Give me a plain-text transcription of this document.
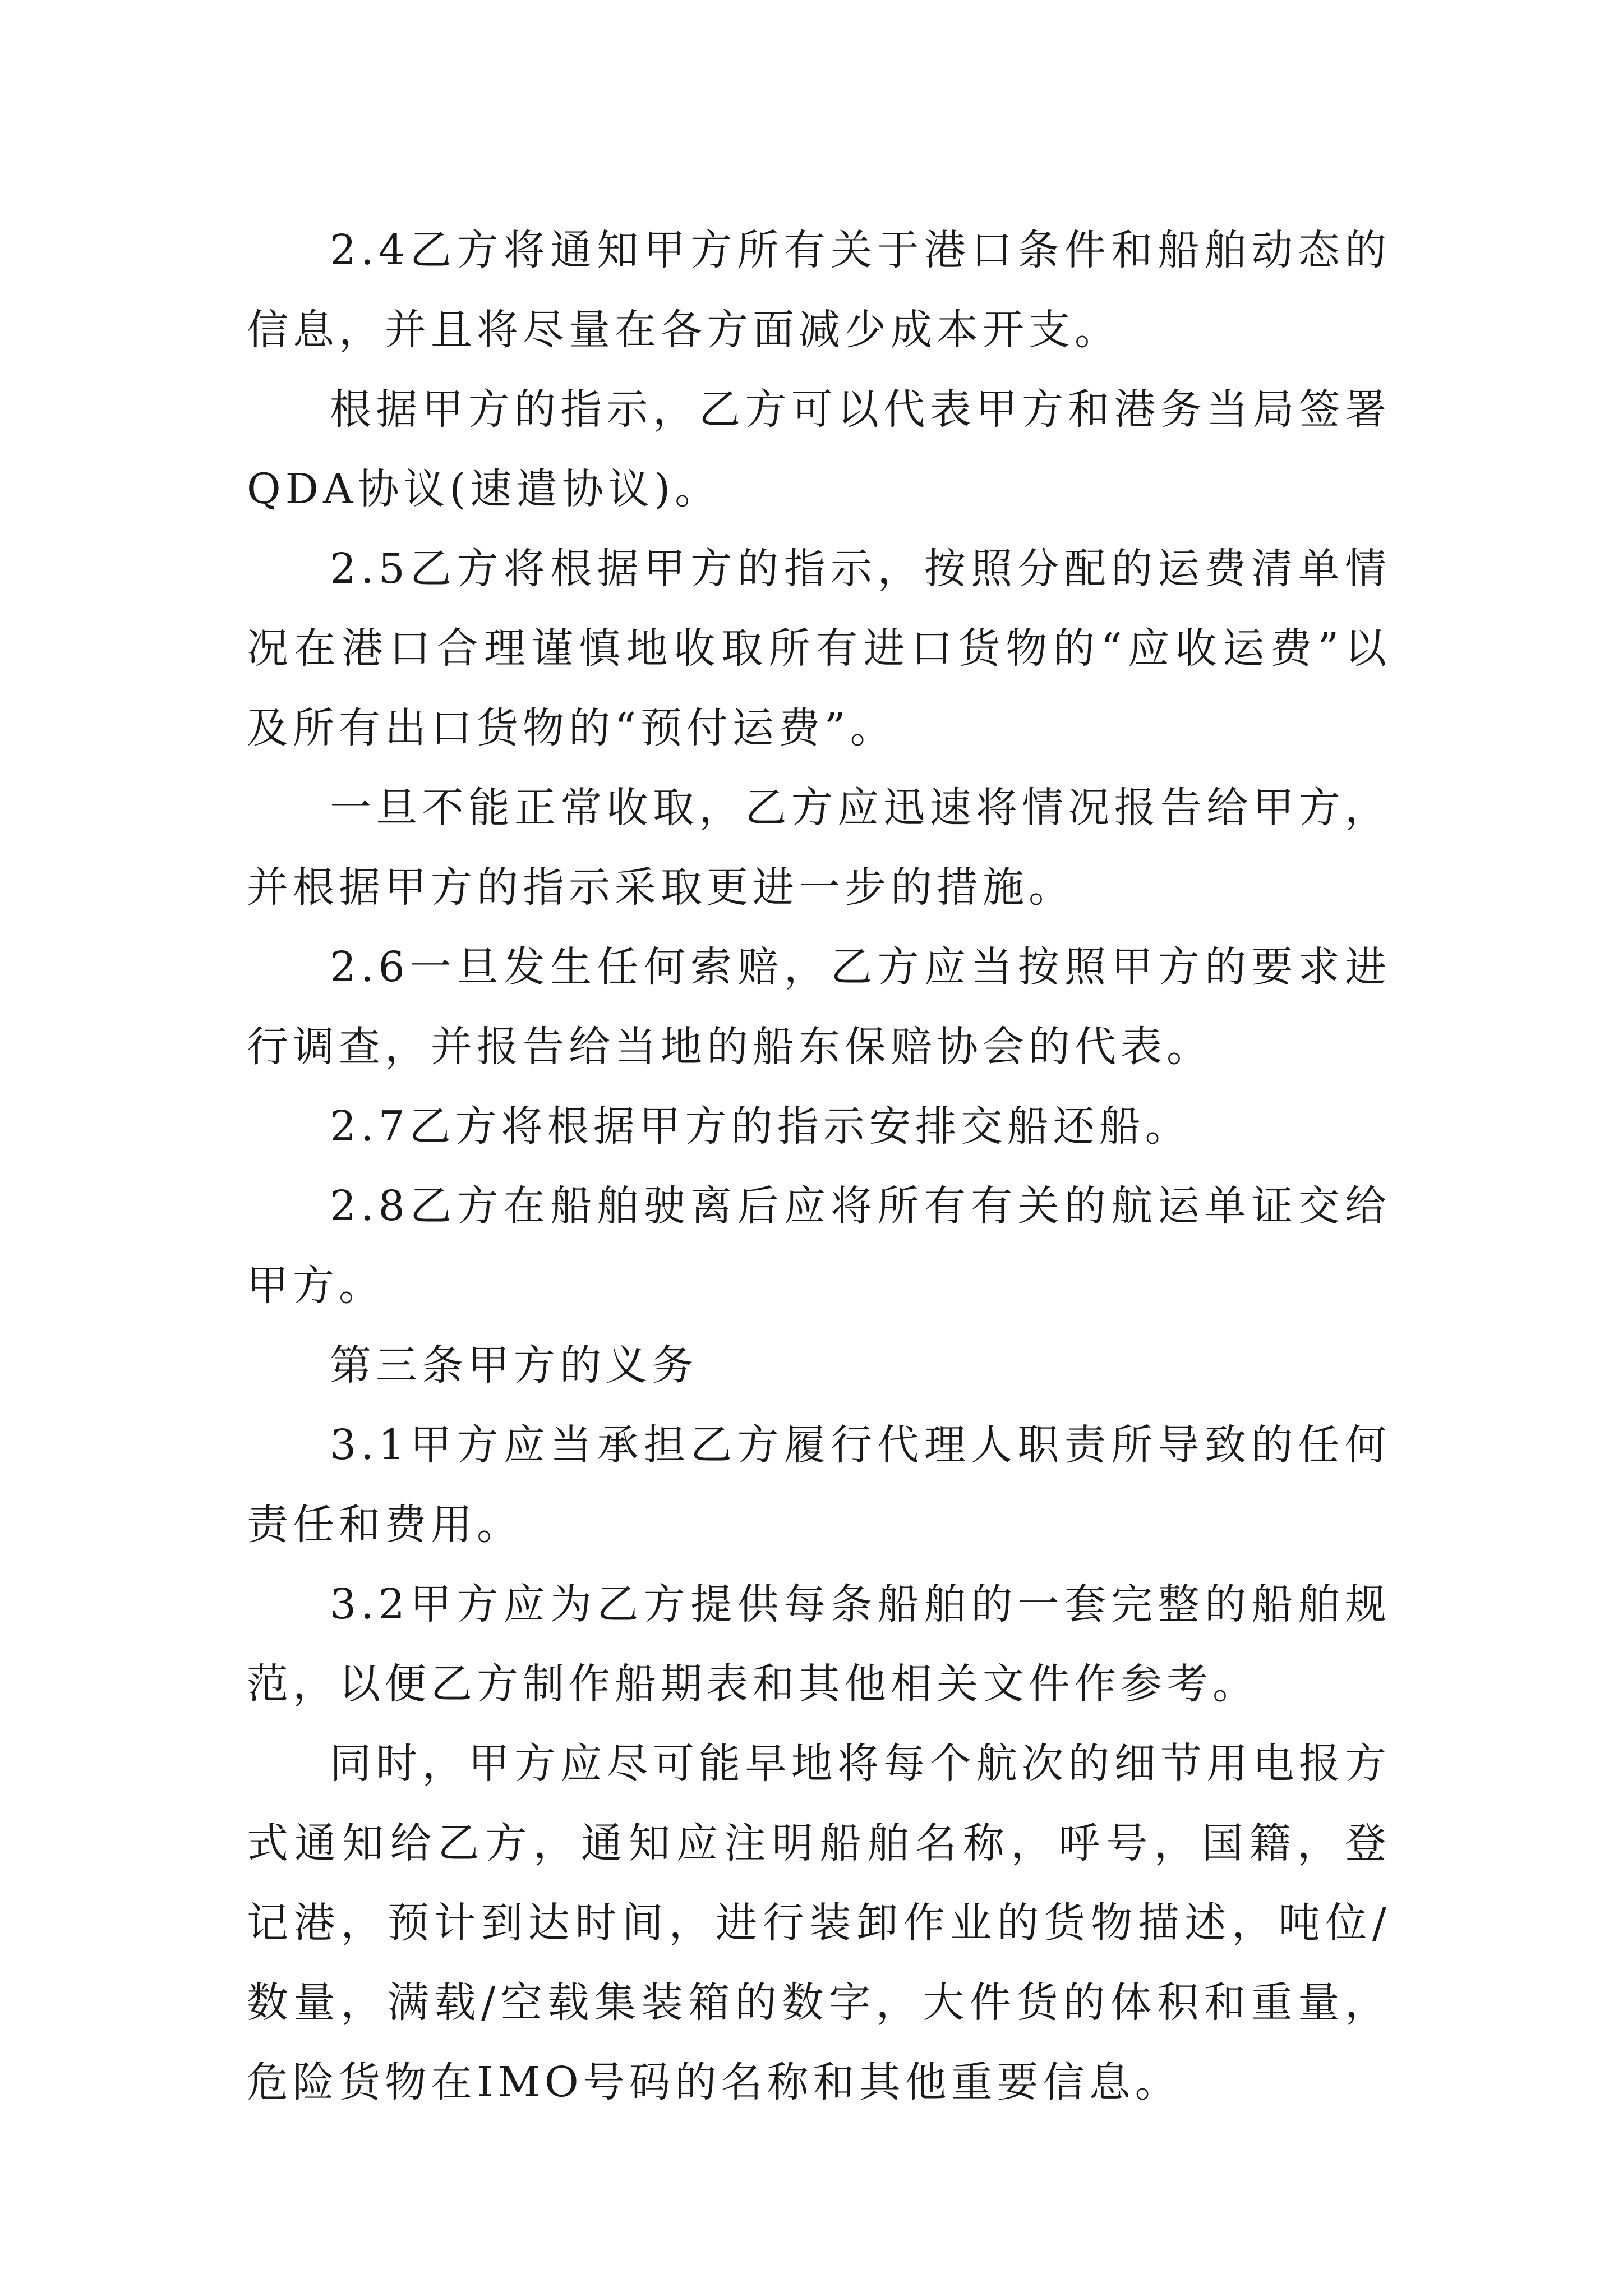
2.4乙方将通知甲方所有关于港口条件和船舶动态的信息，并且将尽量在各方面减少成本开支。

根据甲方的指示，乙方可以代表甲方和港务当局签署QDA协议(速遣协议)。

2.5乙方将根据甲方的指示，按照分配的运费清单情况在港口合理谨慎地收取所有进口货物的“应收运费”以及所有出口货物的“预付运费”。

一旦不能正常收取，乙方应迅速将情况报告给甲方，并根据甲方的指示采取更进一步的措施。

2.6一旦发生任何索赔，乙方应当按照甲方的要求进行调查，并报告给当地的船东保赔协会的代表。

2.7乙方将根据甲方的指示安排交船还船。

2.8乙方在船舶驶离后应将所有有关的航运单证交给甲方。

第三条甲方的义务

3.1甲方应当承担乙方履行代理人职责所导致的任何责任和费用。

3.2甲方应为乙方提供每条船舶的一套完整的船舶规范，以便乙方制作船期表和其他相关文件作参考。

同时，甲方应尽可能早地将每个航次的细节用电报方式通知给乙方，通知应注明船舶名称，呼号，国籍，登记港，预计到达时间，进行装卸作业的货物描述，吨位/数量，满载/空载集装箱的数字，大件货的体积和重量，危险货物在IMO号码的名称和其他重要信息。
